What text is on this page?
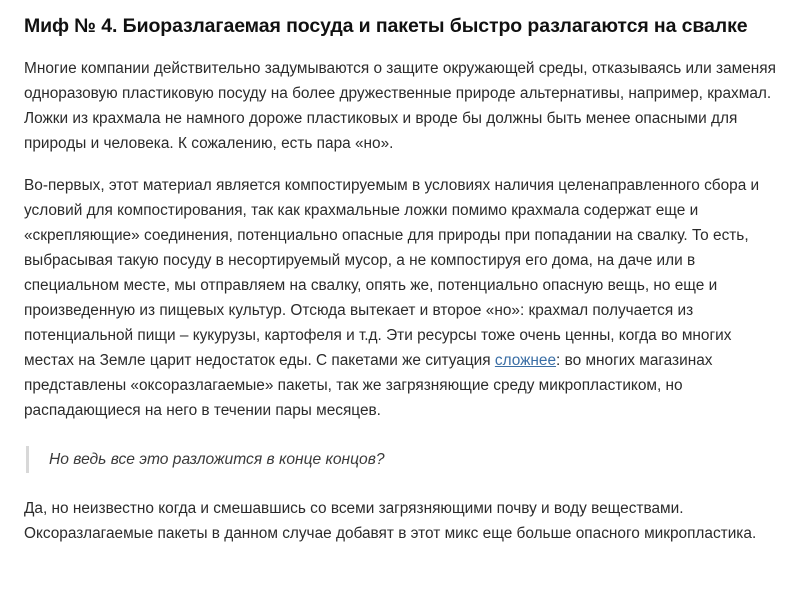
Миф № 4. Биоразлагаемая посуда и пакеты быстро разлагаются на свалке

Многие компании действительно задумываются о защите окружающей среды, отказываясь или заменяя одноразовую пластиковую посуду на более дружественные природе альтернативы, например, крахмал. Ложки из крахмала не намного дороже пластиковых и вроде бы должны быть менее опасными для природы и человека. К сожалению, есть пара «но».

Во-первых, этот материал является компостируемым в условиях наличия целенаправленного сбора и условий для компостирования, так как крахмальные ложки помимо крахмала содержат еще и «скрепляющие» соединения, потенциально опасные для природы при попадании на свалку. То есть, выбрасывая такую посуду в несортируемый мусор, а не компостируя его дома, на даче или в специальном месте, мы отправляем на свалку, опять же, потенциально опасную вещь, но еще и произведенную из пищевых культур. Отсюда вытекает и второе «но»: крахмал получается из потенциальной пищи – кукурузы, картофеля и т.д. Эти ресурсы тоже очень ценны, когда во многих местах на Земле царит недостаток еды. С пакетами же ситуация сложнее: во многих магазинах представлены «оксоразлагаемые» пакеты, так же загрязняющие среду микропластиком, но распадающиеся на него в течении пары месяцев.

Но ведь все это разложится в конце концов?

Да, но неизвестно когда и смешавшись со всеми загрязняющими почву и воду веществами. Оксоразлагаемые пакеты в данном случае добавят в этот микс еще больше опасного микропластика.
